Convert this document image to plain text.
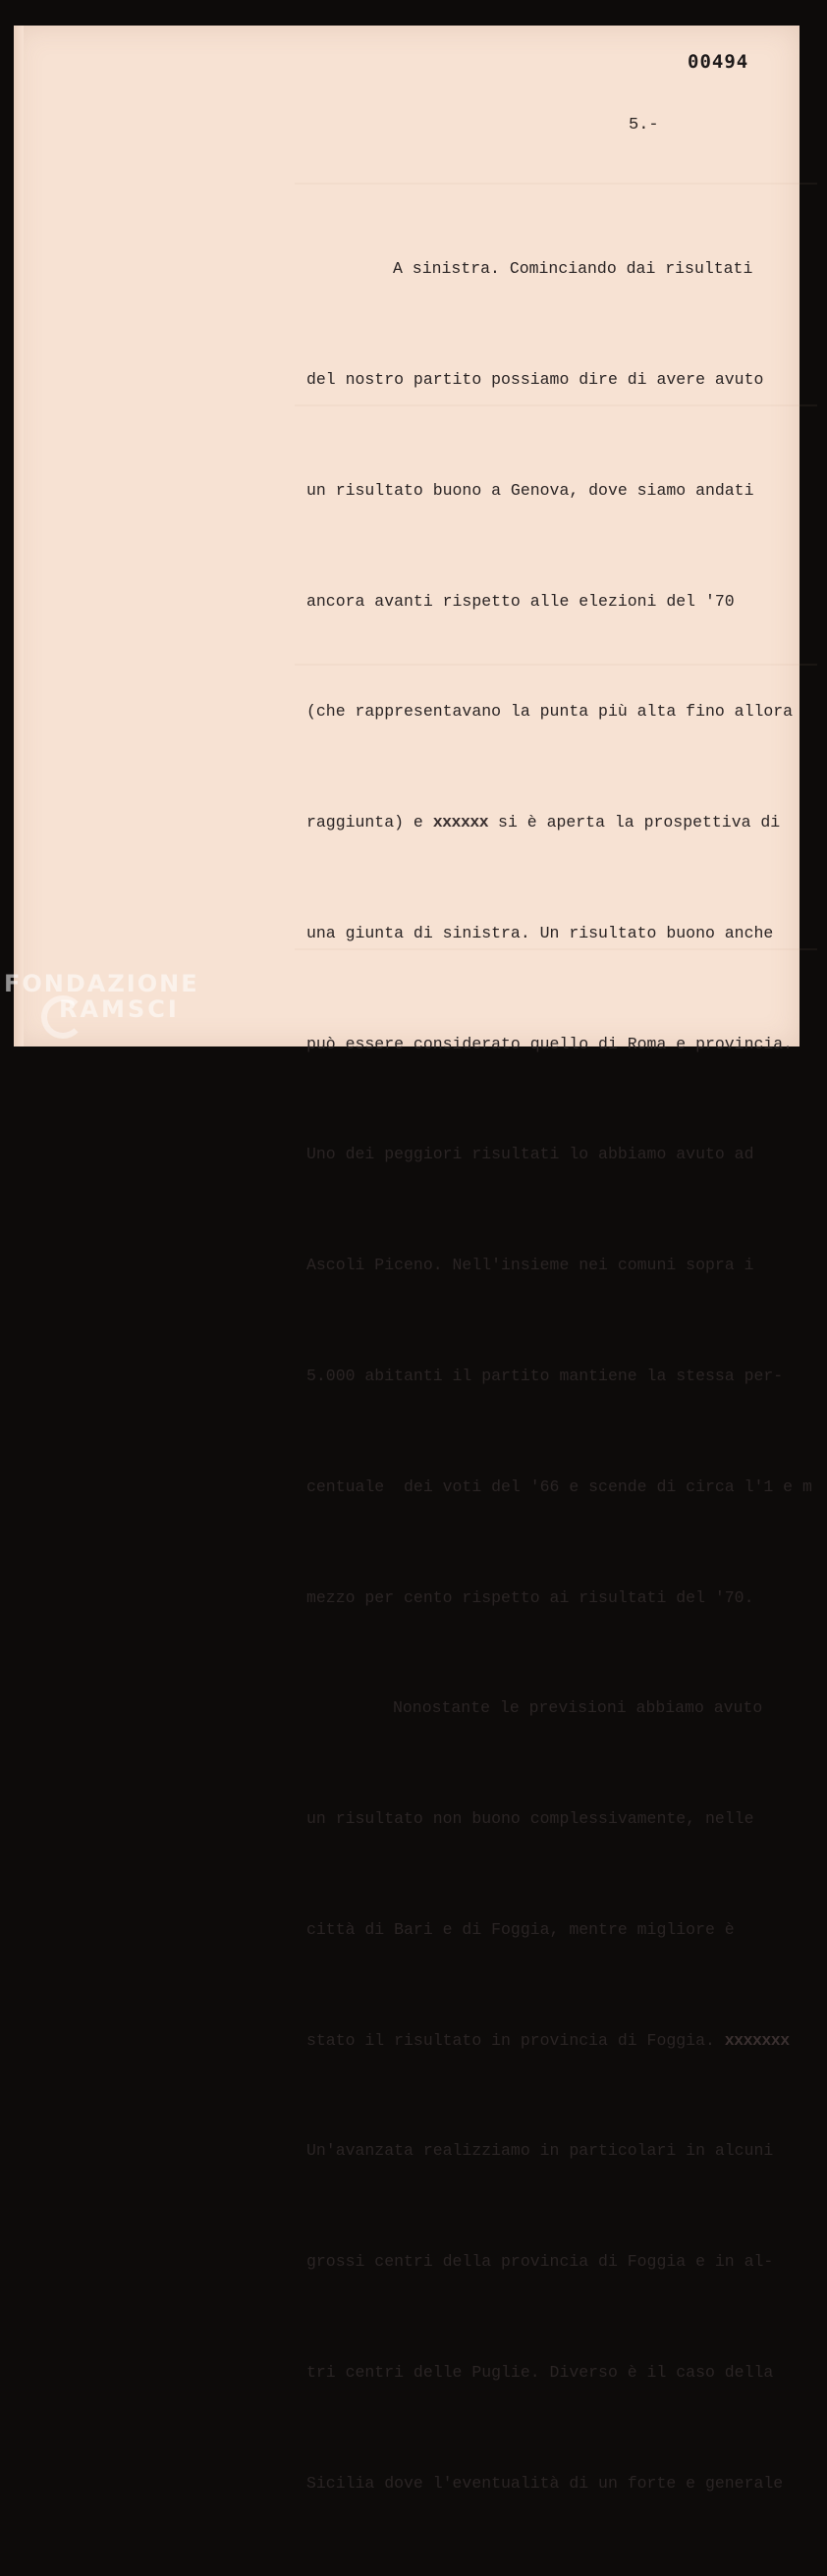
00494
5.-

A sinistra. Cominciando dai risultati

del nostro partito possiamo dire di avere avuto

un risultato buono a Genova, dove siamo andati

ancora avanti rispetto alle elezioni del '70

(che rappresentavano la punta più alta fino allora

raggiunta) e xxxxxx si è aperta la prospettiva di

una giunta di sinistra. Un risultato buono anche

può essere considerato quello di Roma e provincia.

Uno dei peggiori risultati lo abbiamo avuto ad

Ascoli Piceno. Nell'insieme nei comuni sopra i

5.000 abitanti il partito mantiene la stessa per-

centuale  dei voti del '66 e scende di circa l'1 e m

mezzo per cento rispetto ai risultati del '70.

Nonostante le previsioni abbiamo avuto

un risultato non buono complessivamente, nelle

città di Bari e di Foggia, mentre migliore è

stato il risultato in provincia di Foggia. xxxxxxx

Un'avanzata realizziamo in particolari in alcuni

grossi centri della provincia di Foggia e in al-

tri centri delle Puglie. Diverso è il caso della

Sicilia dove l'eventualità di un forte e generale

FONDAZIONE
RAMSCI
